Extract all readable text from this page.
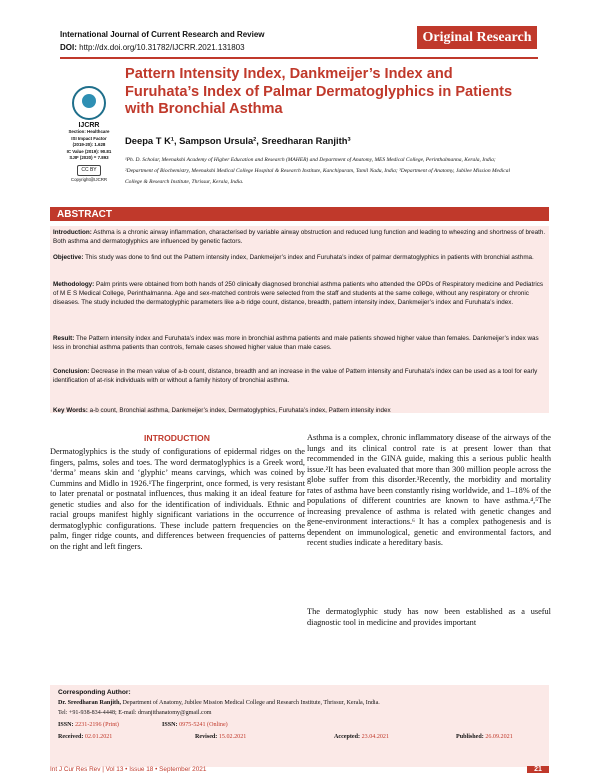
International Journal of Current Research and Review
DOI: http://dx.doi.org/10.31782/IJCRR.2021.131803
Original Research
IJCRR
Section: Healthcare
ISI Impact Factor
(2019-20): 1.628
IC Value (2019): 90.81
SJIF (2020) = 7.893
CC BY
Copyright@IJCRR
Pattern Intensity Index, Dankmeijer’s Index and Furuhata’s Index of Palmar Dermatoglyphics in Patients with Bronchial Asthma
Deepa T K¹, Sampson Ursula², Sreedharan Ranjith³
¹Ph. D. Scholar, Meenakshi Academy of Higher Education and Research (MAHER) and Department of Anatomy, MES Medical College, Perinthalmanna, Kerala, India; ²Department of Biochemistry, Meenakshi Medical College Hospital & Research Institute, Kanchipuram, Tamil Nadu, India; ³Department of Anatomy, Jubilee Mission Medical College & Research Institute, Thrissur, Kerala, India.
ABSTRACT
Introduction: Asthma is a chronic airway inflammation, characterised by variable airway obstruction and reduced lung function and leading to wheezing and shortness of breath. Both asthma and dermatoglyphics are influenced by genetic factors.
Objective: This study was done to find out the Pattern intensity index, Dankmeijer’s index and Furuhata’s index of palmar dermatoglyphics in patients with bronchial asthma.
Methodology: Palm prints were obtained from both hands of 250 clinically diagnosed bronchial asthma patients who attended the OPDs of Respiratory medicine and Pediatrics of M E S Medical College, Perinthalmanna. Age and sex-matched controls were selected from the staff and students at the same college, without any respiratory or chronic diseases. The study included the dermatoglyphic parameters like a-b ridge count, distance, breadth, pattern intensity index, Dankmeijer’s index and Furuhata’s index.
Result: The Pattern intensity index and Furuhata’s index was more in bronchial asthma patients and male patients showed higher value than females. Dankmeijer’s index was less in bronchial asthma patients than controls, female cases showed higher value than male cases.
Conclusion: Decrease in the mean value of a-b count, distance, breadth and an increase in the value of Pattern intensity and Furuhata’s index can be used as a tool for early identification of at-risk individuals with or without a family history of bronchial asthma.
Key Words: a-b count, Bronchial asthma, Dankmeijer’s index, Dermatoglyphics, Furuhata’s index, Pattern intensity index
INTRODUCTION
Dermatoglyphics is the study of configurations of epidermal ridges on the fingers, palms, soles and toes. The word dermatoglyphics is a Greek word, ‘derma’ means skin and ‘glyphic’ means carvings, which was coined by Cummins and Midlo in 1926.¹The fingerprint, once formed, is very resistant to later prenatal or postnatal influences, thus making it an ideal feature for genetic studies and also for the identification of individuals. Ethnic and racial groups manifest highly significant variations in the occurrence of dermatoglyphic configurations. These include pattern frequencies on the palm, finger ridge counts, and differences between frequencies of patterns on the right and left fingers.
Asthma is a complex, chronic inflammatory disease of the airways of the lungs and its clinical control rate is at present lower than that recommended in the GINA guide, making this a serious public health issue.²It has been evaluated that more than 300 million people across the globe suffer from this disorder.³Recently, the morbidity and mortality rates of asthma have been constantly rising worldwide, and 1–18% of the populations of different countries are known to have asthma.⁴,⁵The increasing prevalence of asthma is related with genetic changes and gene-environment interactions.⁶ It has a complex pathogenesis and is dependent on immunological, genetic and environmental factors, and recent studies indicate a hereditary basis.
The dermatoglyphic study has now been established as a useful diagnostic tool in medicine and provides important
Corresponding Author:
Dr. Sreedharan Ranjith, Department of Anatomy, Jubilee Mission Medical College and Research Institute, Thrissur, Kerala, India.
Tel: +91-938-834-4448; E-mail: drranjithanatomy@gmail.com
ISSN: 2231-2196 (Print)	ISSN: 0975-5241 (Online)
Received: 02.01.2021	Revised: 15.02.2021	Accepted: 23.04.2021	Published: 26.09.2021
Int J Cur Res Rev | Vol 13 • Issue 18 • September 2021	21
